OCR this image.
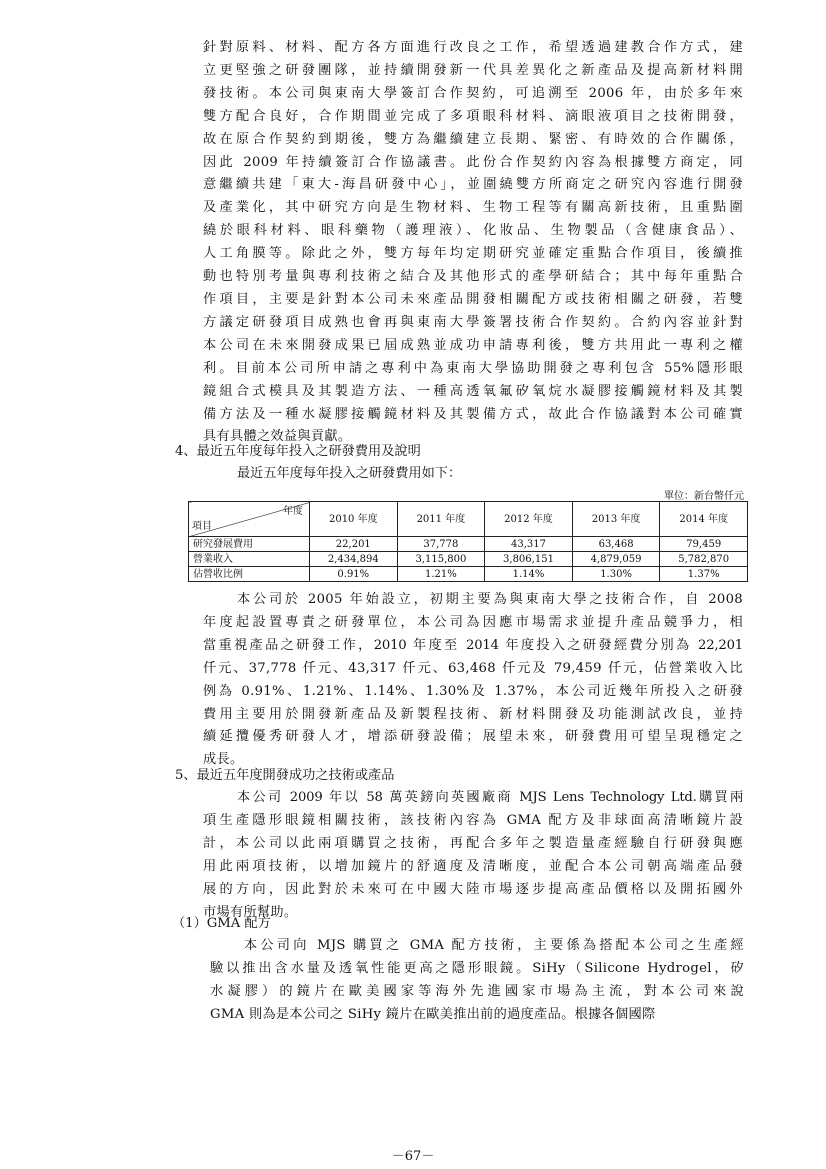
針對原料、材料、配方各方面進行改良之工作，希望透過建教合作方式，建
立更堅強之研發團隊，並持續開發新一代具差異化之新產品及提高新材料開
發技術。本公司與東南大學簽訂合作契約，可追溯至 2006 年，由於多年來
雙方配合良好，合作期間並完成了多項眼科材料、滴眼液項目之技術開發，
故在原合作契約到期後，雙方為繼續建立長期、緊密、有時效的合作關係，
因此 2009 年持續簽訂合作協議書。此份合作契約內容為根據雙方商定，同
意繼續共建「東大-海昌研發中心」，並圍繞雙方所商定之研究內容進行開發
及產業化，其中研究方向是生物材料、生物工程等有關高新技術，且重點圍
繞於眼科材料、眼科藥物（護理液）、化妝品、生物製品（含健康食品）、
人工角膜等。除此之外，雙方每年均定期研究並確定重點合作項目，後續推
動也特別考量與專利技術之結合及其他形式的產學研結合；其中每年重點合
作項目，主要是針對本公司未來產品開發相關配方或技術相關之研發，若雙
方議定研發項目成熟也會再與東南大學簽署技術合作契約。合約內容並針對
本公司在未來開發成果已屆成熟並成功申請專利後，雙方共用此一專利之權
利。目前本公司所申請之專利中為東南大學協助開發之專利包含 55%隱形眼
鏡組合式模具及其製造方法、一種高透氧氟矽氧烷水凝膠接觸鏡材料及其製
備方法及一種水凝膠接觸鏡材料及其製備方式，故此合作協議對本公司確實
具有具體之效益與貢獻。
4、最近五年度每年投入之研發費用及說明
最近五年度每年投入之研發費用如下：
單位：新台幣仟元
年度
項目	2010 年度	2011 年度	2012 年度	2013 年度	2014 年度
研究發展費用	22,201	37,778	43,317	63,468	79,459
營業收入	2,434,894	3,115,800	3,806,151	4,879,059	5,782,870
佔營收比例	0.91%	1.21%	1.14%	1.30%	1.37%
本公司於 2005 年始設立，初期主要為與東南大學之技術合作，自 2008
年度起設置專責之研發單位，本公司為因應市場需求並提升產品競爭力，相
當重視產品之研發工作，2010 年度至 2014 年度投入之研發經費分別為 22,201
仟元、37,778 仟元、43,317 仟元、63,468 仟元及 79,459 仟元，佔營業收入比
例為 0.91%、1.21%、1.14%、1.30%及 1.37%，本公司近幾年所投入之研發
費用主要用於開發新產品及新製程技術、新材料開發及功能測試改良，並持
續延攬優秀研發人才，增添研發設備；展望未來，研發費用可望呈現穩定之
成長。
5、最近五年度開發成功之技術或產品
本公司 2009 年以 58 萬英鎊向英國廠商 MJS Lens Technology Ltd.購買兩
項生產隱形眼鏡相關技術，該技術內容為 GMA 配方及非球面高清晰鏡片設
計，本公司以此兩項購買之技術，再配合多年之製造量產經驗自行研發與應
用此兩項技術，以增加鏡片的舒適度及清晰度，並配合本公司朝高端產品發
展的方向，因此對於未來可在中國大陸市場逐步提高產品價格以及開拓國外
市場有所幫助。
（1）GMA 配方
本公司向 MJS 購買之 GMA 配方技術，主要係為搭配本公司之生產經
驗以推出含水量及透氧性能更高之隱形眼鏡。SiHy（Silicone Hydrogel，矽
水凝膠）的鏡片在歐美國家等海外先進國家市場為主流，對本公司來說
GMA 則為是本公司之 SiHy 鏡片在歐美推出前的過度產品。根據各個國際
－67－
